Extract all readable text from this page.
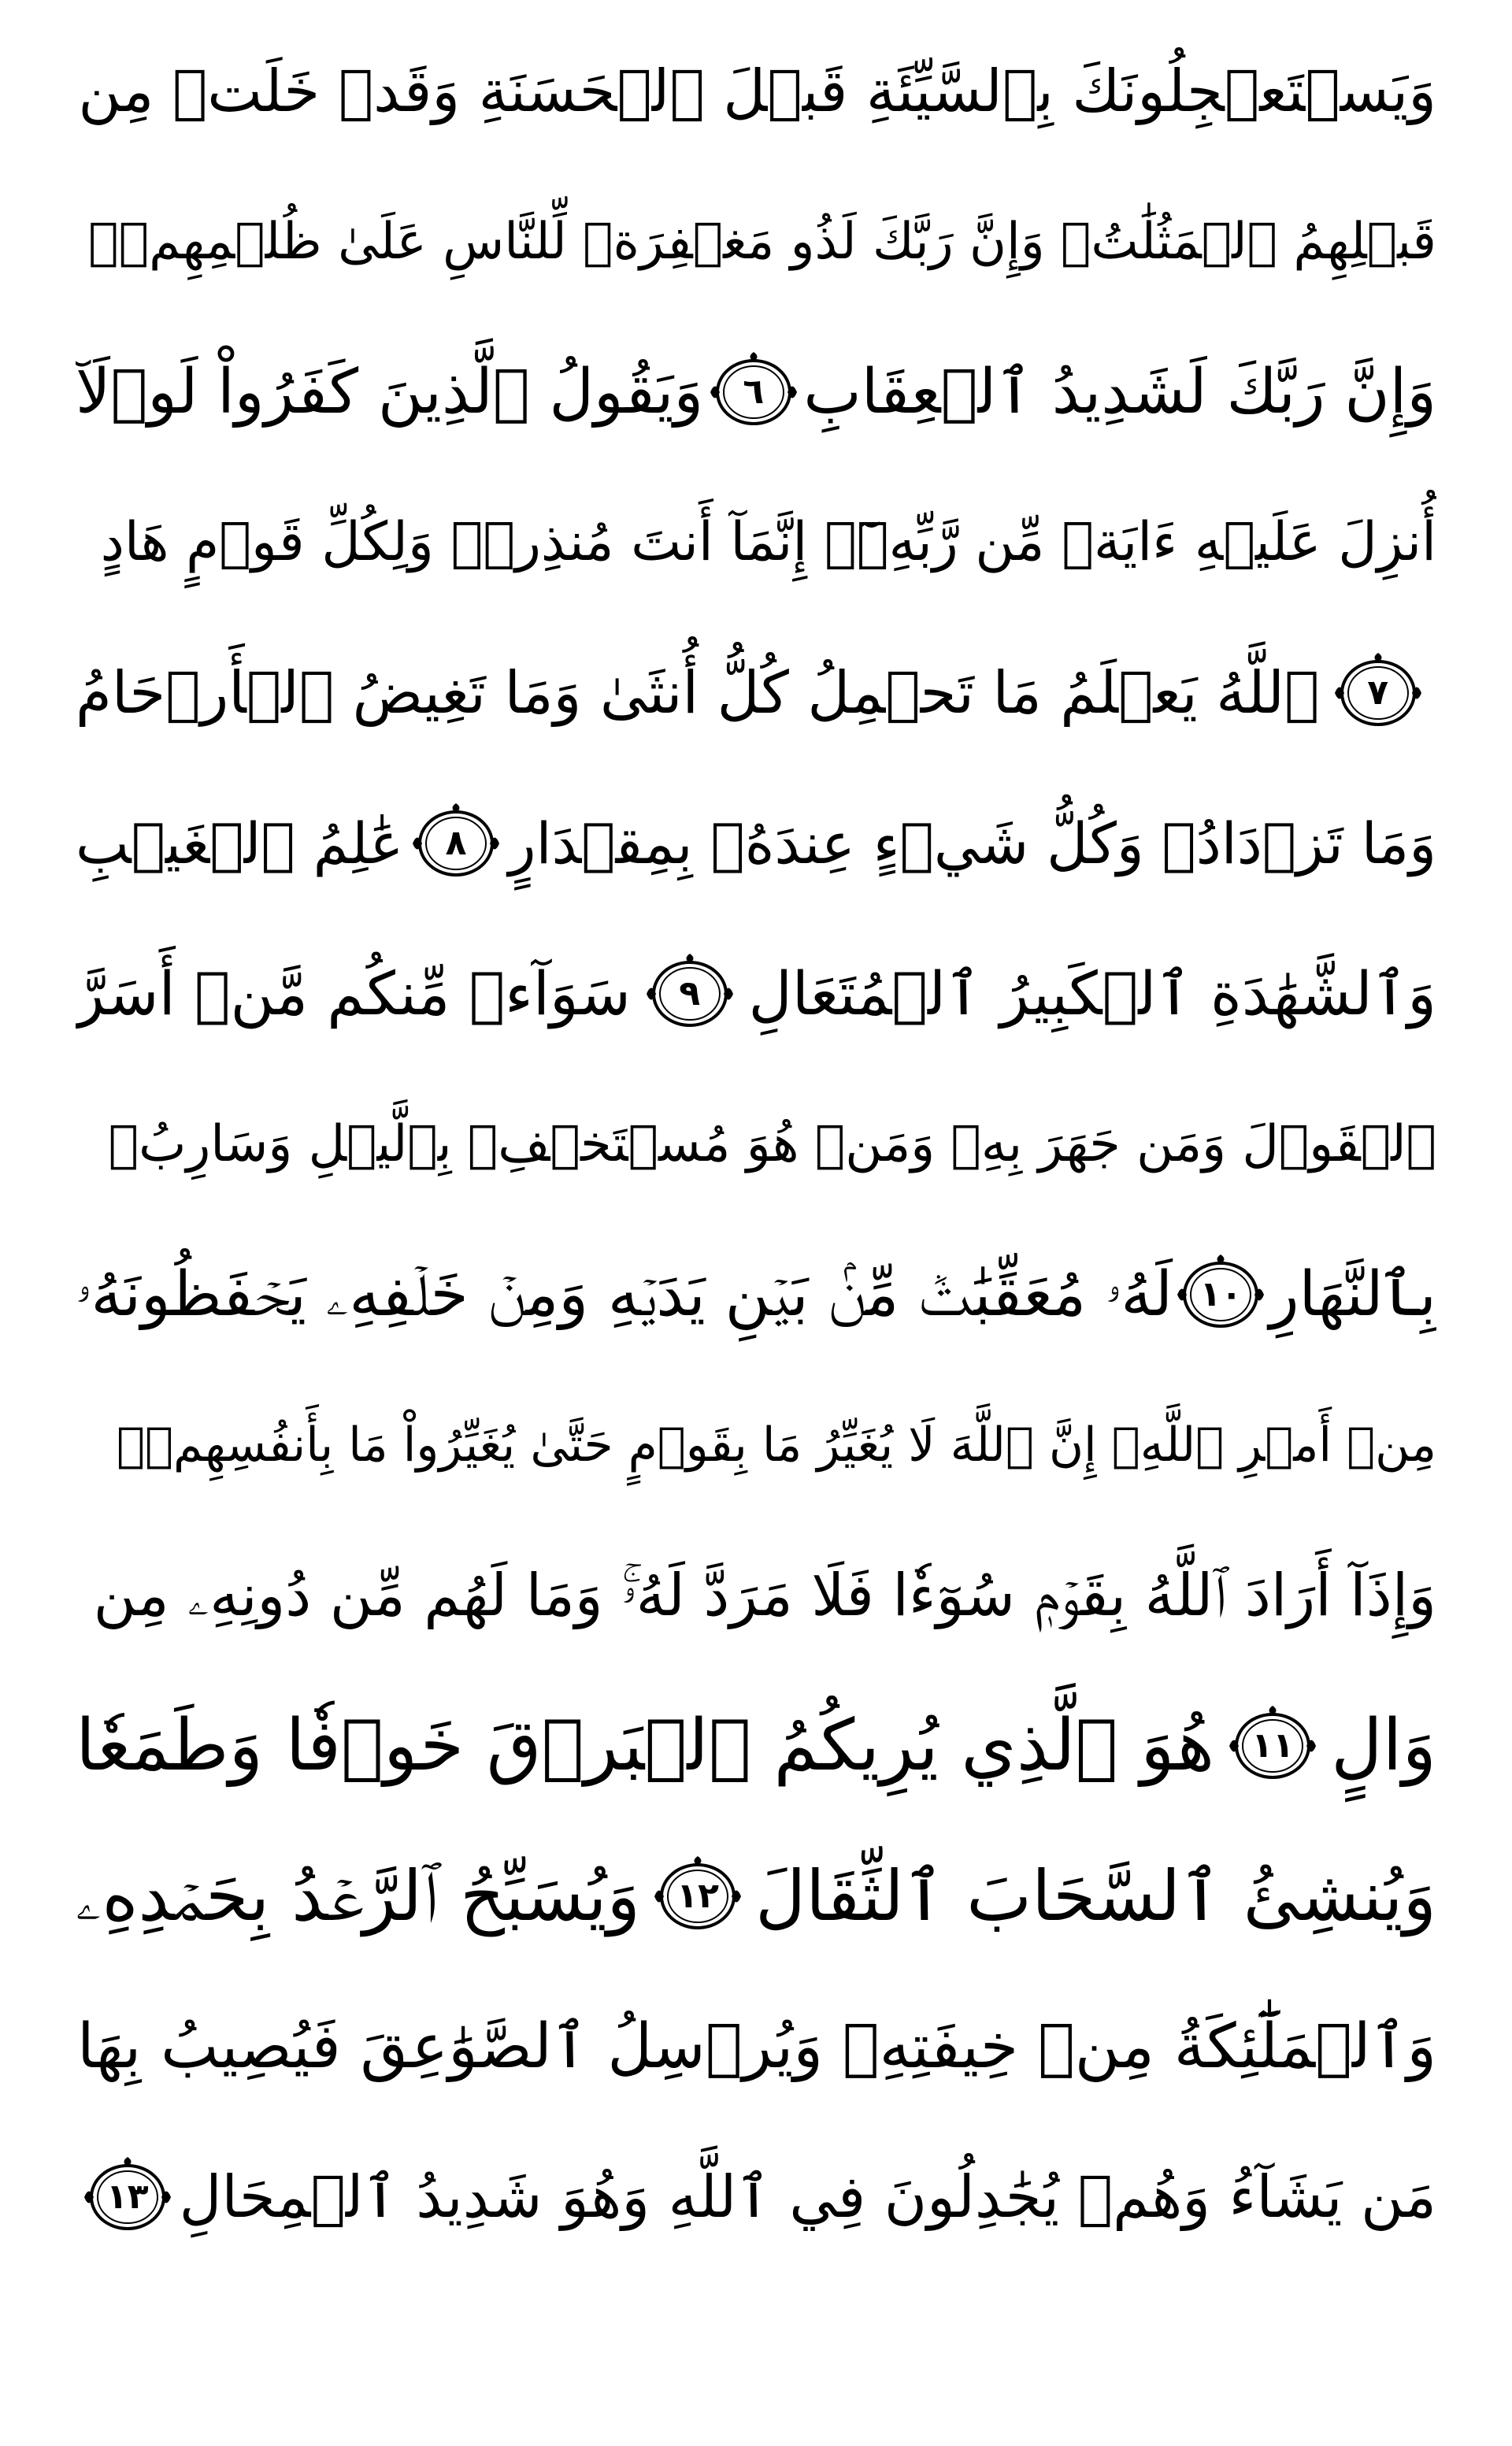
وَيَسۡتَعۡجِلُونَكَ بِٱلسَّيِّئَةِ قَبۡلَ ٱلۡحَسَنَةِ وَقَدۡ خَلَتۡ مِن
قَبۡلِهِمُ ٱلۡمَثُلَٰتُۗ وَإِنَّ رَبَّكَ لَذُو مَغۡفِرَةٖ لِّلنَّاسِ عَلَىٰ ظُلۡمِهِمۡۖ
وَإِنَّ رَبَّكَ لَشَدِيدُ ٱلۡعِقَابِ
٦
وَيَقُولُ ٱلَّذِينَ كَفَرُواْ لَوۡلَآ
أُنزِلَ عَلَيۡهِ ءَايَةٞ مِّن رَّبِّهِۦٓۗ إِنَّمَآ أَنتَ مُنذِرٞۖ وَلِكُلِّ قَوۡمٍ هَادٍ
٧
ٱللَّهُ يَعۡلَمُ مَا تَحۡمِلُ كُلُّ أُنثَىٰ وَمَا تَغِيضُ ٱلۡأَرۡحَامُ
وَمَا تَزۡدَادُۖ وَكُلُّ شَيۡءٍ عِندَهُۥ بِمِقۡدَارٍ
٨
عَٰلِمُ ٱلۡغَيۡبِ
وَٱلشَّهَٰدَةِ ٱلۡكَبِيرُ ٱلۡمُتَعَالِ
٩
سَوَآءٞ مِّنكُم مَّنۡ أَسَرَّ
ٱلۡقَوۡلَ وَمَن جَهَرَ بِهِۦ وَمَنۡ هُوَ مُسۡتَخۡفِۭ بِٱلَّيۡلِ وَسَارِبُۢ
بِٱلنَّهَارِ
١٠
لَهُۥ مُعَقِّبَٰتٞ مِّنۢ بَيۡنِ يَدَيۡهِ وَمِنۡ خَلۡفِهِۦ يَحۡفَظُونَهُۥ
مِنۡ أَمۡرِ ٱللَّهِۗ إِنَّ ٱللَّهَ لَا يُغَيِّرُ مَا بِقَوۡمٍ حَتَّىٰ يُغَيِّرُواْ مَا بِأَنفُسِهِمۡۗ
وَإِذَآ أَرَادَ ٱللَّهُ بِقَوۡمٖ سُوٓءٗا فَلَا مَرَدَّ لَهُۥۚ وَمَا لَهُم مِّن دُونِهِۦ مِن
وَالٍ
١١
هُوَ ٱلَّذِي يُرِيكُمُ ٱلۡبَرۡقَ خَوۡفٗا وَطَمَعٗا
وَيُنشِئُ ٱلسَّحَابَ ٱلثِّقَالَ
١٢
وَيُسَبِّحُ ٱلرَّعۡدُ بِحَمۡدِهِۦ
وَٱلۡمَلَٰٓئِكَةُ مِنۡ خِيفَتِهِۦ وَيُرۡسِلُ ٱلصَّوَٰعِقَ فَيُصِيبُ بِهَا
مَن يَشَآءُ وَهُمۡ يُجَٰدِلُونَ فِي ٱللَّهِ وَهُوَ شَدِيدُ ٱلۡمِحَالِ
١٣
